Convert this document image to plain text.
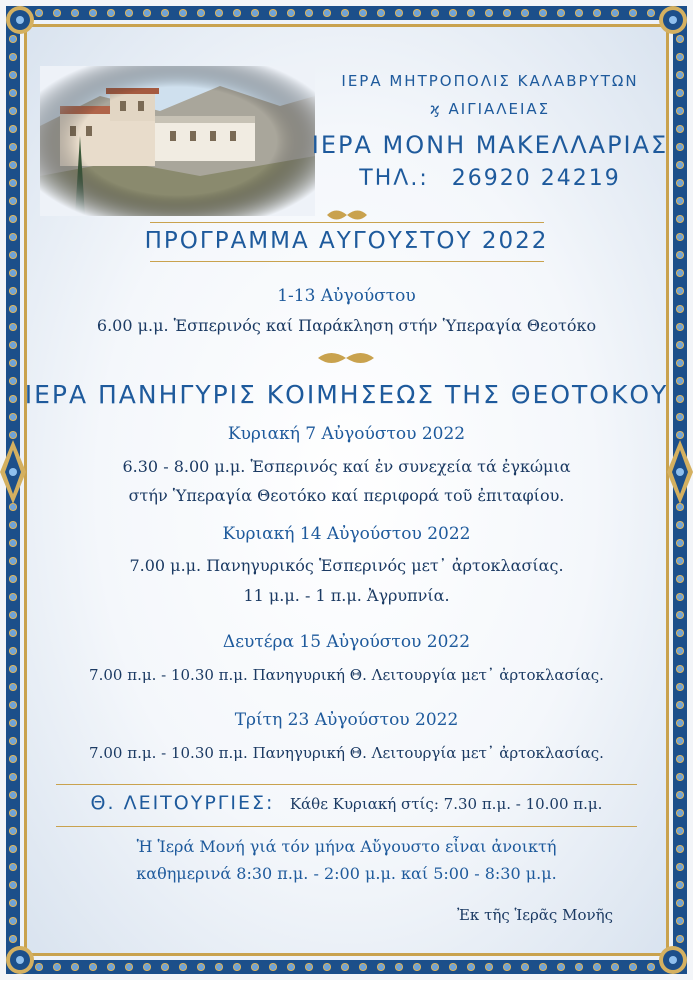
ΙΕΡΑ ΜΗΤΡΟΠΟΛΙΣ ΚΑΛΑΒΡΥΤΩΝ
ϗ ΑΙΓΙΑΛΕΙΑΣ
ΙΕΡΑ ΜΟΝΗ ΜΑΚΕΛΛΑΡΙΑΣ
ΤΗΛ.: 26920 24219
ΠΡΟΓΡΑΜΜΑ ΑΥΓΟΥΣΤΟΥ 2022
1-13 Αὐγούστου
6.00 μ.μ. Ἑσπερινός καί Παράκληση στήν Ὑπεραγία Θεοτόκο
ΙΕΡΑ ΠΑΝΗΓΥΡΙΣ ΚΟΙΜΗΣΕΩΣ ΤΗΣ ΘΕΟΤΟΚΟΥ
Κυριακή 7 Αὐγούστου 2022
6.30 - 8.00 μ.μ. Ἑσπερινός καί ἐν συνεχεία τά ἐγκώμια
στήν Ὑπεραγία Θεοτόκο καί περιφορά τοῦ ἐπιταφίου.
Κυριακή 14 Αὐγούστου 2022
7.00 μ.μ. Πανηγυρικός Ἑσπερινός μετ᾽ ἀρτοκλασίας.
11 μ.μ. - 1 π.μ. Ἀγρυπνία.
Δευτέρα 15 Αὐγούστου 2022
7.00 π.μ. - 10.30 π.μ. Πανηγυρική Θ. Λειτουργία μετ᾽ ἀρτοκλασίας.
Τρίτη 23 Αὐγούστου 2022
7.00 π.μ. - 10.30 π.μ. Πανηγυρική Θ. Λειτουργία μετ᾽ ἀρτοκλασίας.
Θ. ΛΕΙΤΟΥΡΓΙΕΣ: Κάθε Κυριακή στίς: 7.30 π.μ. - 10.00 π.μ.
Ἡ Ἱερά Μονή γιά τόν μήνα Αὔγουστο εἶναι ἀνοικτή
καθημερινά 8:30 π.μ. - 2:00 μ.μ. καί 5:00 - 8:30 μ.μ.
Ἐκ τῆς Ἱερᾶς Μονῆς
